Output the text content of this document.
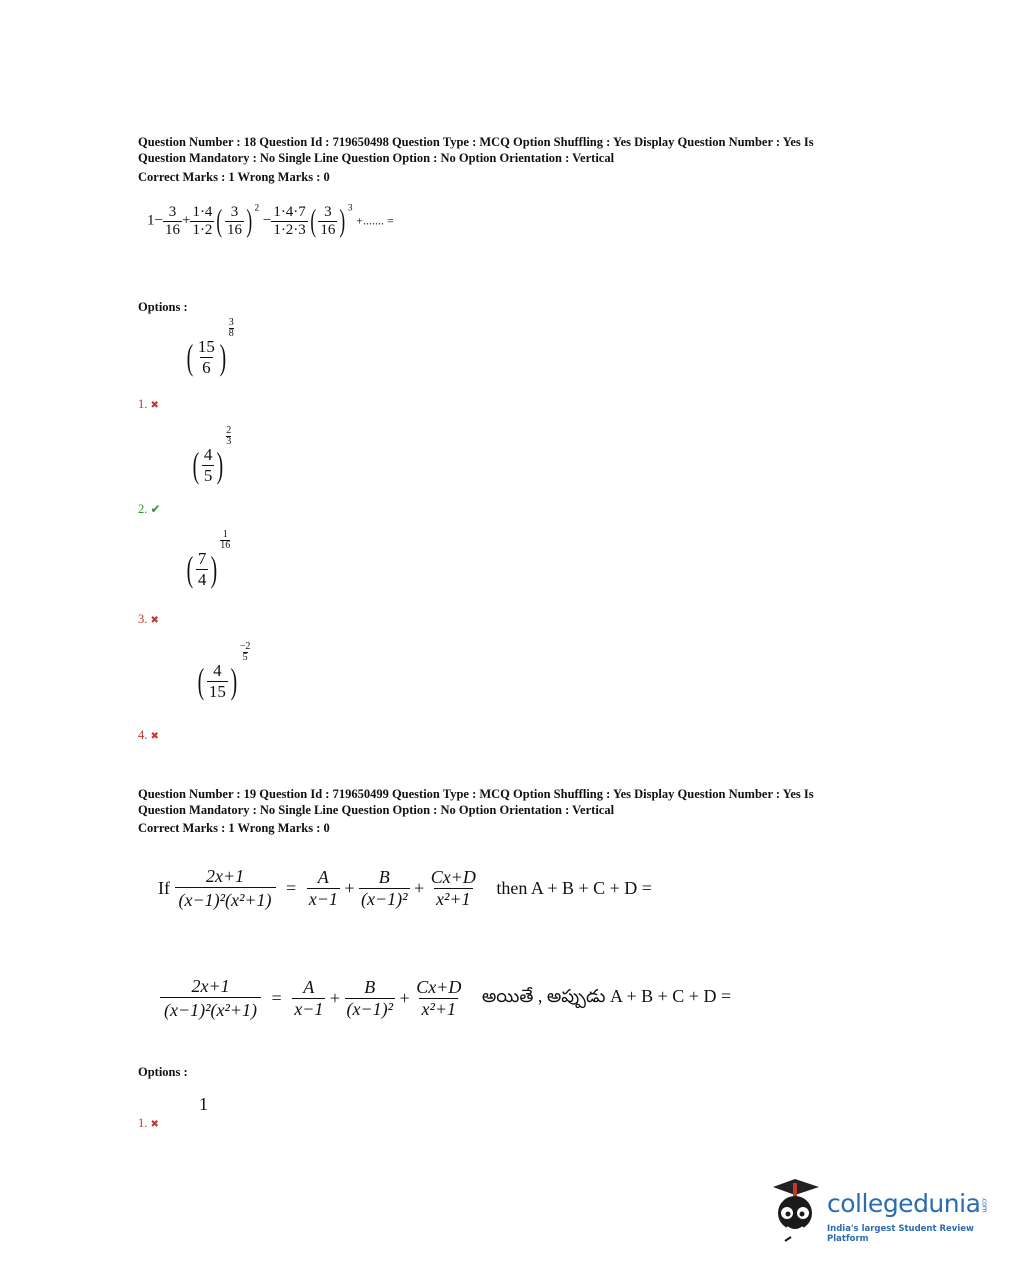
Question Number : 18 Question Id : 719650498 Question Type : MCQ Option Shuffling : Yes Display Question Number : Yes Is
Question Mandatory : No Single Line Question Option : No Option Orientation : Vertical
Correct Marks : 1 Wrong Marks : 0
$1- \frac{3}{16} + \frac{1\cdot 4}{1\cdot 2}$ ( $\frac{3}{16}$ ) $^2 - \frac{1\cdot 4\cdot 7}{1\cdot 2\cdot 3}$ ( $\frac{3}{16}$ ) $^3$ +....... =
Options :
( $\frac{15}{6}$ )
$\frac{3}{8}$
1. ✖
( $\frac{4}{5}$ )
$\frac{2}{3}$
2. ✔
( $\frac{7}{4}$ )
$\frac{1}{16}$
3. ✖
( $\frac{4}{15}$ )
$\frac{-2}{5}$
4. ✖
Question Number : 19 Question Id : 719650499 Question Type : MCQ Option Shuffling : Yes Display Question Number : Yes Is
Question Mandatory : No Single Line Question Option : No Option Orientation : Vertical
Correct Marks : 1 Wrong Marks : 0
If $\frac{2x+1}{\text{(x−1)²(x²+1)}} = \frac{A}{x-1} + \frac{B}{\text{(x−1)²}} + \frac{Cx+D}{\text{x²+1}}$ then A + B + C + D =
$\frac{2x+1}{\text{(x−1)²(x²+1)}} = \frac{A}{x-1} + \frac{B}{\text{(x−1)²}} + \frac{Cx+D}{\text{x²+1}}$ అయితే , అప్పుడు A + B + C + D =
Options :
1
1. ✖
collegedunia.com
India's largest Student Review Platform
